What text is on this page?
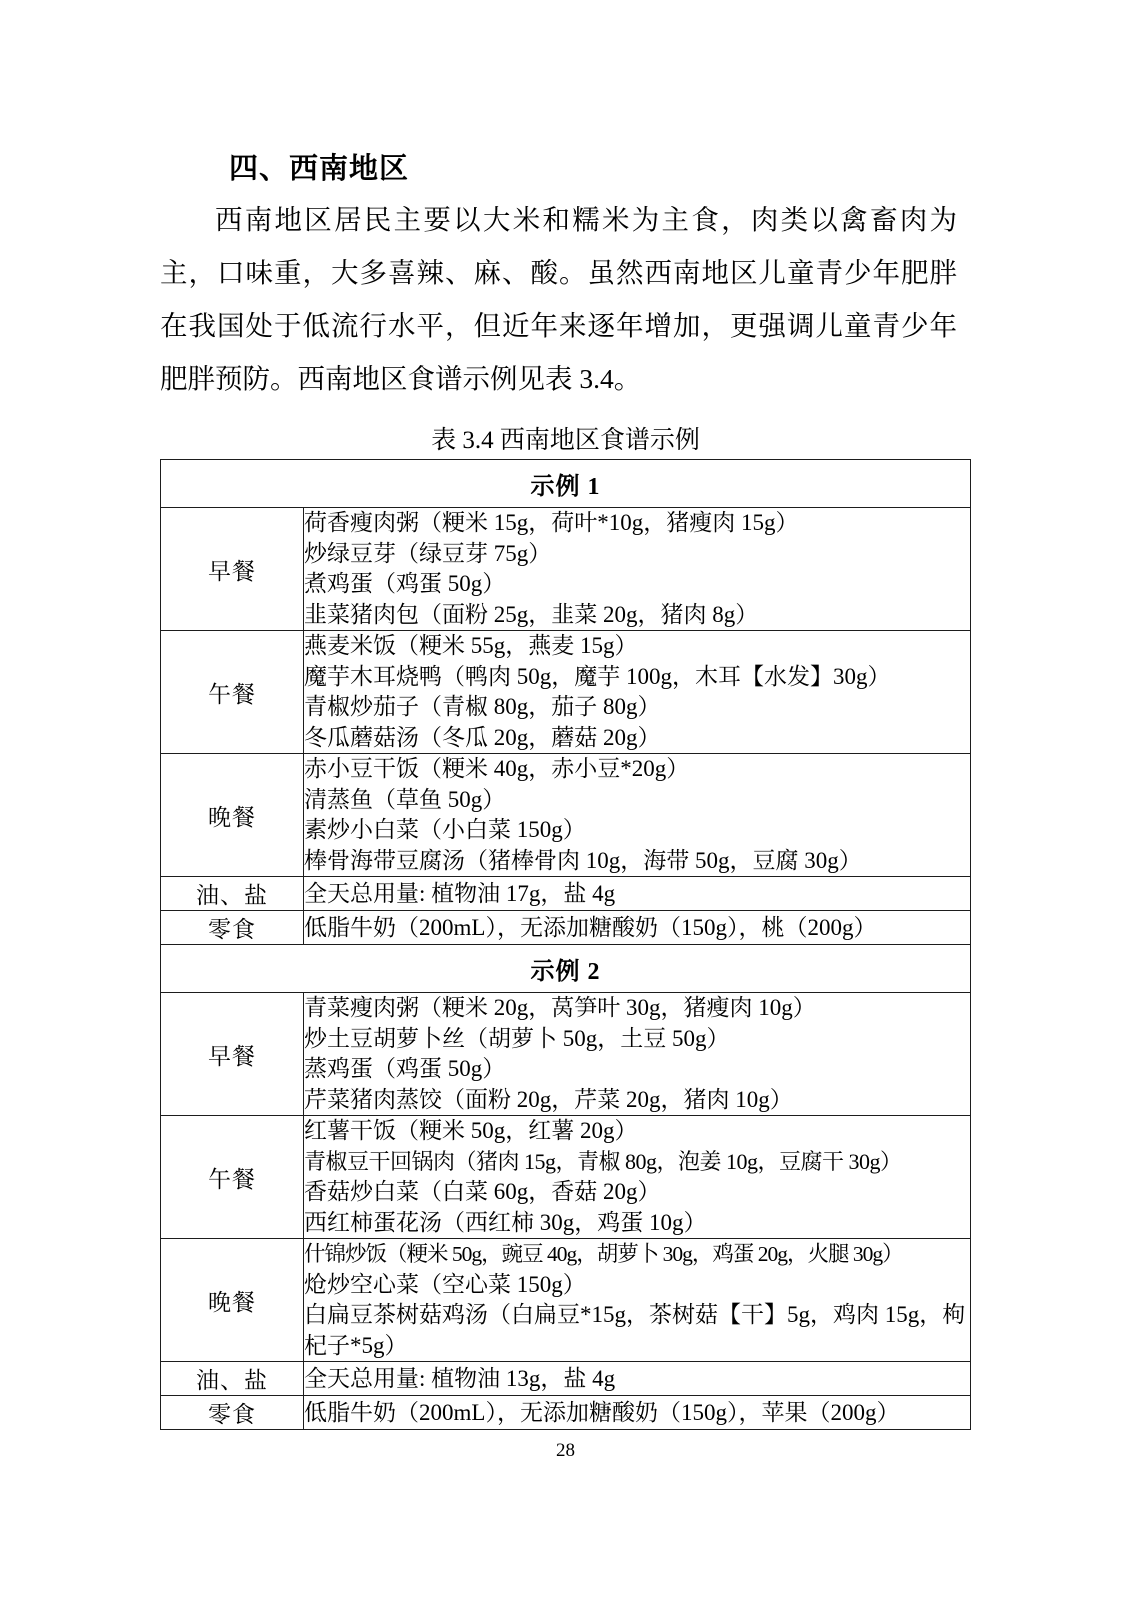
四、西南地区

西南地区居民主要以大米和糯米为主食，肉类以禽畜肉为主，口味重，大多喜辣、麻、酸。虽然西南地区儿童青少年肥胖在我国处于低流行水平，但近年来逐年增加，更强调儿童青少年肥胖预防。西南地区食谱示例见表 3.4。

表 3.4 西南地区食谱示例
示例 1	
早餐	荷香瘦肉粥（粳米 15g，荷叶*10g，猪瘦肉 15g）
炒绿豆芽（绿豆芽 75g）
煮鸡蛋（鸡蛋 50g）
韭菜猪肉包（面粉 25g，韭菜 20g，猪肉 8g）

午餐	燕麦米饭（粳米 55g，燕麦 15g）
魔芋木耳烧鸭（鸭肉 50g，魔芋 100g，木耳【水发】30g）
青椒炒茄子（青椒 80g，茄子 80g）
冬瓜蘑菇汤（冬瓜 20g，蘑菇 20g）

晚餐	赤小豆干饭（粳米 40g，赤小豆*20g）
清蒸鱼（草鱼 50g）
素炒小白菜（小白菜 150g）
棒骨海带豆腐汤（猪棒骨肉 10g，海带 50g，豆腐 30g）

油、盐	全天总用量: 植物油 17g，盐 4g

零食	低脂牛奶（200mL），无添加糖酸奶（150g），桃（200g）

示例 2	
早餐	青菜瘦肉粥（粳米 20g，莴笋叶 30g，猪瘦肉 10g）
炒土豆胡萝卜丝（胡萝卜 50g，土豆 50g）
蒸鸡蛋（鸡蛋 50g）
芹菜猪肉蒸饺（面粉 20g，芹菜 20g，猪肉 10g）

午餐	红薯干饭（粳米 50g，红薯 20g）
青椒豆干回锅肉（猪肉 15g，青椒 80g，泡姜 10g，豆腐干 30g）
香菇炒白菜（白菜 60g，香菇 20g）
西红柿蛋花汤（西红柿 30g，鸡蛋 10g）

晚餐	什锦炒饭（粳米 50g，豌豆 40g，胡萝卜 30g，鸡蛋 20g，火腿 30g）
炝炒空心菜（空心菜 150g）
白扁豆茶树菇鸡汤（白扁豆*15g，茶树菇【干】5g，鸡肉 15g，枸杞子*5g）

油、盐	全天总用量: 植物油 13g，盐 4g

零食	低脂牛奶（200mL），无添加糖酸奶（150g），苹果（200g）
28
